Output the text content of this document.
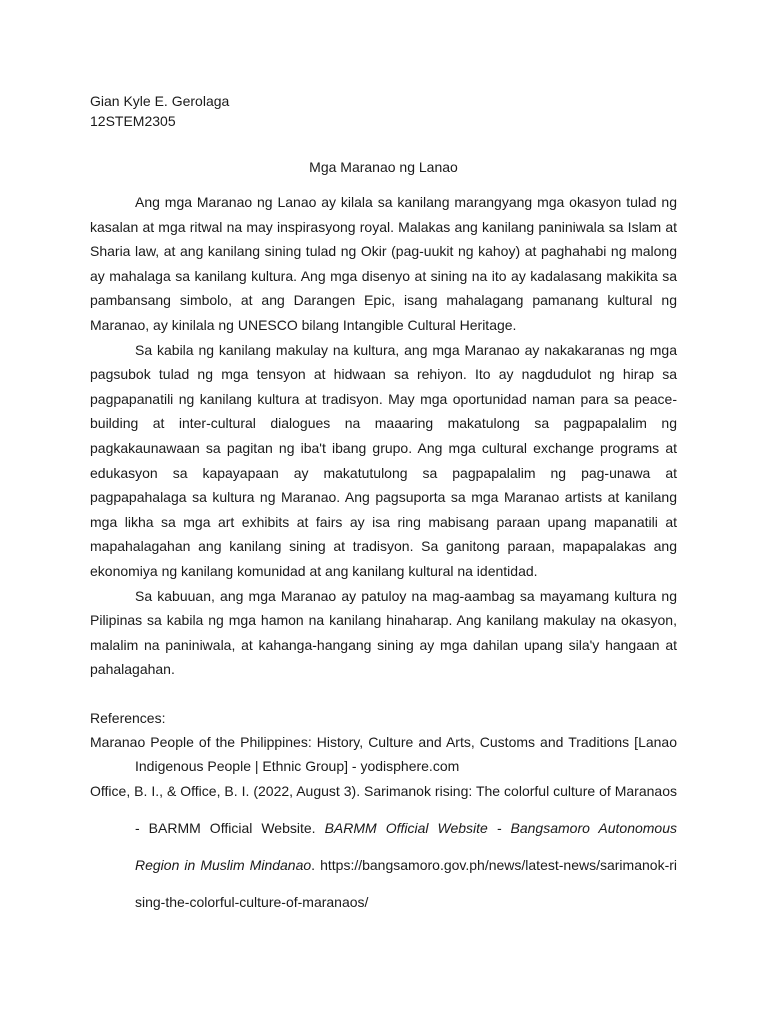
Gian Kyle E. Gerolaga

12STEM2305

Mga Maranao ng Lanao

Ang mga Maranao ng Lanao ay kilala sa kanilang marangyang mga okasyon tulad ng kasalan at mga ritwal na may inspirasyong royal. Malakas ang kanilang paniniwala sa Islam at Sharia law, at ang kanilang sining tulad ng Okir (pag-uukit ng kahoy) at paghahabi ng malong ay mahalaga sa kanilang kultura. Ang mga disenyo at sining na ito ay kadalasang makikita sa pambansang simbolo, at ang Darangen Epic, isang mahalagang pamanang kultural ng Maranao, ay kinilala ng UNESCO bilang Intangible Cultural Heritage.

Sa kabila ng kanilang makulay na kultura, ang mga Maranao ay nakakaranas ng mga pagsubok tulad ng mga tensyon at hidwaan sa rehiyon. Ito ay nagdudulot ng hirap sa pagpapanatili ng kanilang kultura at tradisyon. May mga oportunidad naman para sa peace-building at inter-cultural dialogues na maaaring makatulong sa pagpapalalim ng pagkakaunawaan sa pagitan ng iba't ibang grupo. Ang mga cultural exchange programs at edukasyon sa kapayapaan ay makatutulong sa pagpapalalim ng pag-unawa at pagpapahalaga sa kultura ng Maranao. Ang pagsuporta sa mga Maranao artists at kanilang mga likha sa mga art exhibits at fairs ay isa ring mabisang paraan upang mapanatili at mapahalagahan ang kanilang sining at tradisyon. Sa ganitong paraan, mapapalakas ang ekonomiya ng kanilang komunidad at ang kanilang kultural na identidad.

Sa kabuuan, ang mga Maranao ay patuloy na mag-aambag sa mayamang kultura ng Pilipinas sa kabila ng mga hamon na kanilang hinaharap. Ang kanilang makulay na okasyon, malalim na paniniwala, at kahanga-hangang sining ay mga dahilan upang sila'y hangaan at pahalagahan.

References:

Maranao People of the Philippines: History, Culture and Arts, Customs and Traditions [Lanao Indigenous People | Ethnic Group] - yodisphere.com

Office, B. I., & Office, B. I. (2022, August 3). Sarimanok rising: The colorful culture of Maranaos - BARMM Official Website. BARMM Official Website - Bangsamoro Autonomous Region in Muslim Mindanao. https://bangsamoro.gov.ph/news/latest-news/sarimanok-rising-the-colorful-culture-of-maranaos/
